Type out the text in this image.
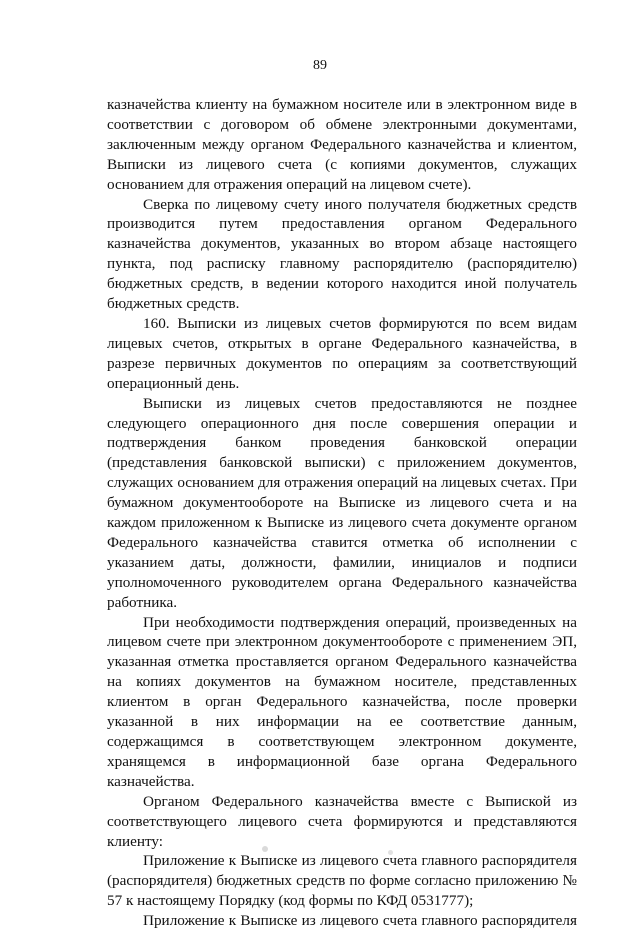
89

казначейства клиенту на бумажном носителе или в электронном виде в соответствии с договором об обмене электронными документами, заключенным между органом Федерального казначейства и клиентом, Выписки из лицевого счета (с копиями документов, служащих основанием для отражения операций на лицевом счете).

Сверка по лицевому счету иного получателя бюджетных средств производится путем предоставления органом Федерального казначейства документов, указанных во втором абзаце настоящего пункта, под расписку главному распорядителю (распорядителю) бюджетных средств, в ведении которого находится иной получатель бюджетных средств.

160. Выписки из лицевых счетов формируются по всем видам лицевых счетов, открытых в органе Федерального казначейства, в разрезе первичных документов по операциям за соответствующий операционный день.

Выписки из лицевых счетов предоставляются не позднее следующего операционного дня после совершения операции и подтверждения банком проведения банковской операции (представления банковской выписки) с приложением документов, служащих основанием для отражения операций на лицевых счетах. При бумажном документообороте на Выписке из лицевого счета и на каждом приложенном к Выписке из лицевого счета документе органом Федерального казначейства ставится отметка об исполнении с указанием даты, должности, фамилии, инициалов и подписи уполномоченного руководителем органа Федерального казначейства работника.

При необходимости подтверждения операций, произведенных на лицевом счете при электронном документообороте с применением ЭП, указанная отметка проставляется органом Федерального казначейства на копиях документов на бумажном носителе, представленных клиентом в орган Федерального казначейства, после проверки указанной в них информации на ее соответствие данным, содержащимся в соответствующем электронном документе, хранящемся в информационной базе органа Федерального казначейства.

Органом Федерального казначейства вместе с Выпиской из соответствующего лицевого счета формируются и представляются клиенту:

Приложение к Выписке из лицевого счета главного распорядителя (распорядителя) бюджетных средств по форме согласно приложению № 57 к настоящему Порядку (код формы по КФД 0531777);

Приложение к Выписке из лицевого счета главного распорядителя
